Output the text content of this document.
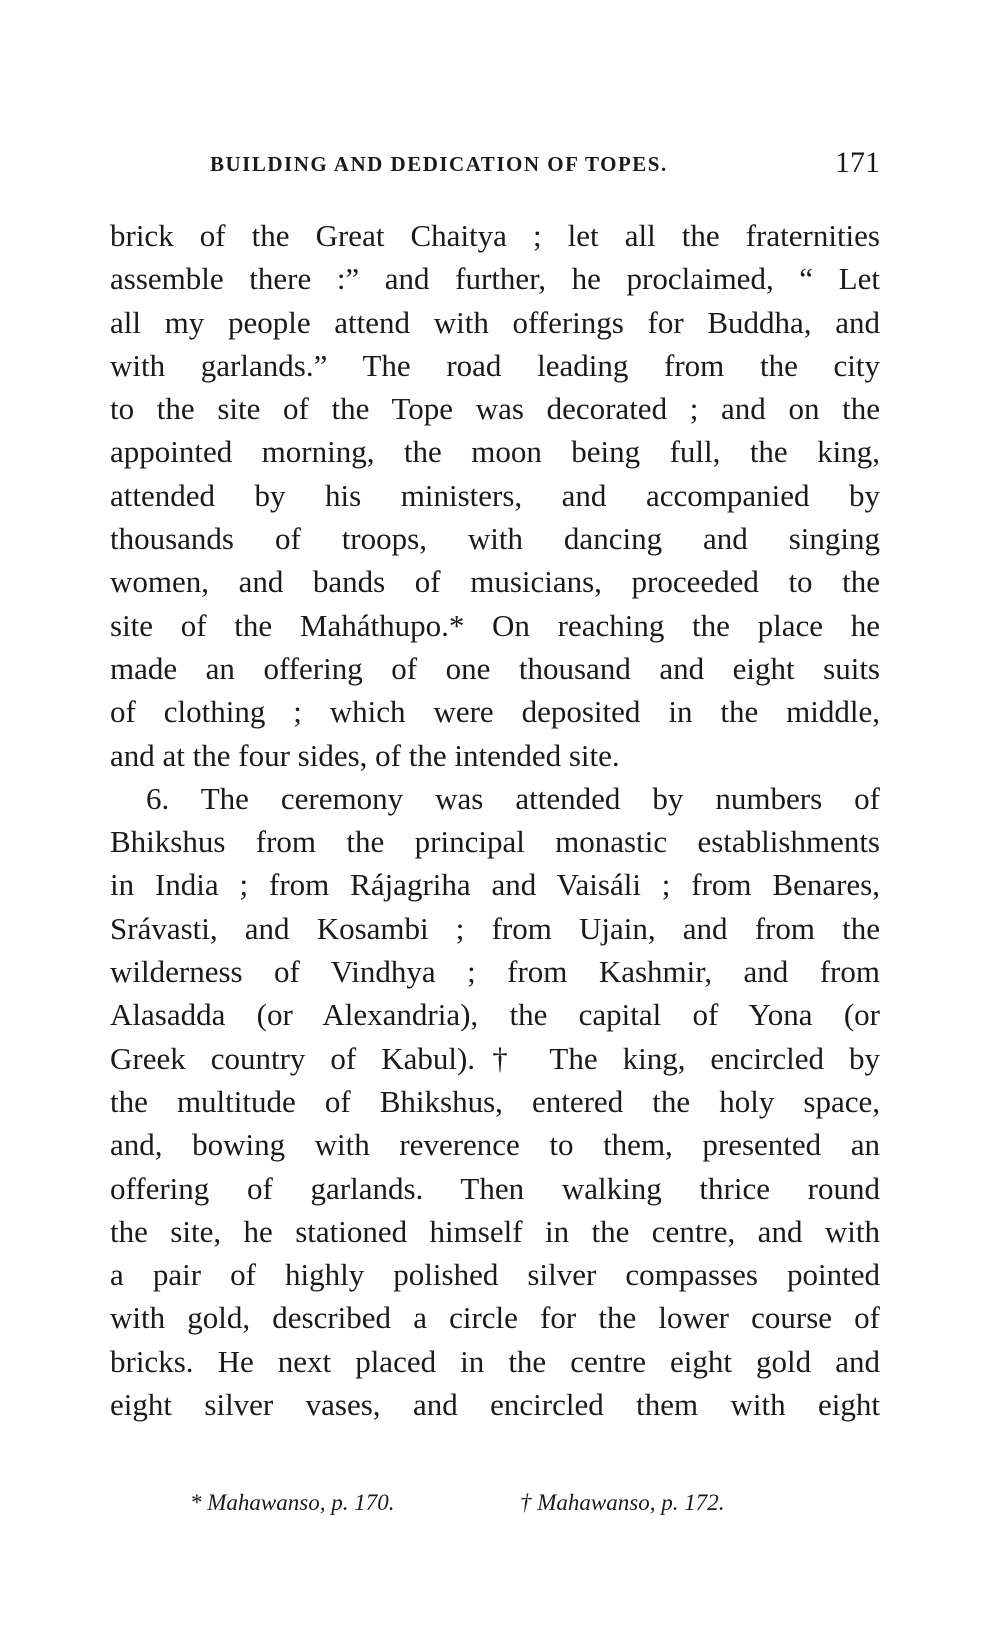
BUILDING AND DEDICATION OF TOPES.	171
brick of the Great Chaitya ; let all the fraternities
assemble there :” and further, he proclaimed, “ Let
all my people attend with offerings for Buddha, and
with garlands.” The road leading from the city
to the site of the Tope was decorated ; and on the
appointed morning, the moon being full, the king,
attended by his ministers, and accompanied by
thousands of troops, with dancing and singing
women, and bands of musicians, proceeded to the
site of the Maháthupo.* On reaching the place he
made an offering of one thousand and eight suits
of clothing ; which were deposited in the middle,
and at the four sides, of the intended site.
6. The ceremony was attended by numbers of
Bhikshus from the principal monastic establishments
in India ; from Rájagriha and Vaisáli ; from Benares,
Srávasti, and Kosambi ; from Ujain, and from the
wilderness of Vindhya ; from Kashmir, and from
Alasadda (or Alexandria), the capital of Yona (or
Greek country of Kabul).† The king, encircled by
the multitude of Bhikshus, entered the holy space,
and, bowing with reverence to them, presented an
offering of garlands. Then walking thrice round
the site, he stationed himself in the centre, and with
a pair of highly polished silver compasses pointed
with gold, described a circle for the lower course of
bricks. He next placed in the centre eight gold and
eight silver vases, and encircled them with eight
* Mahawanso, p. 170.	† Mahawanso, p. 172.
